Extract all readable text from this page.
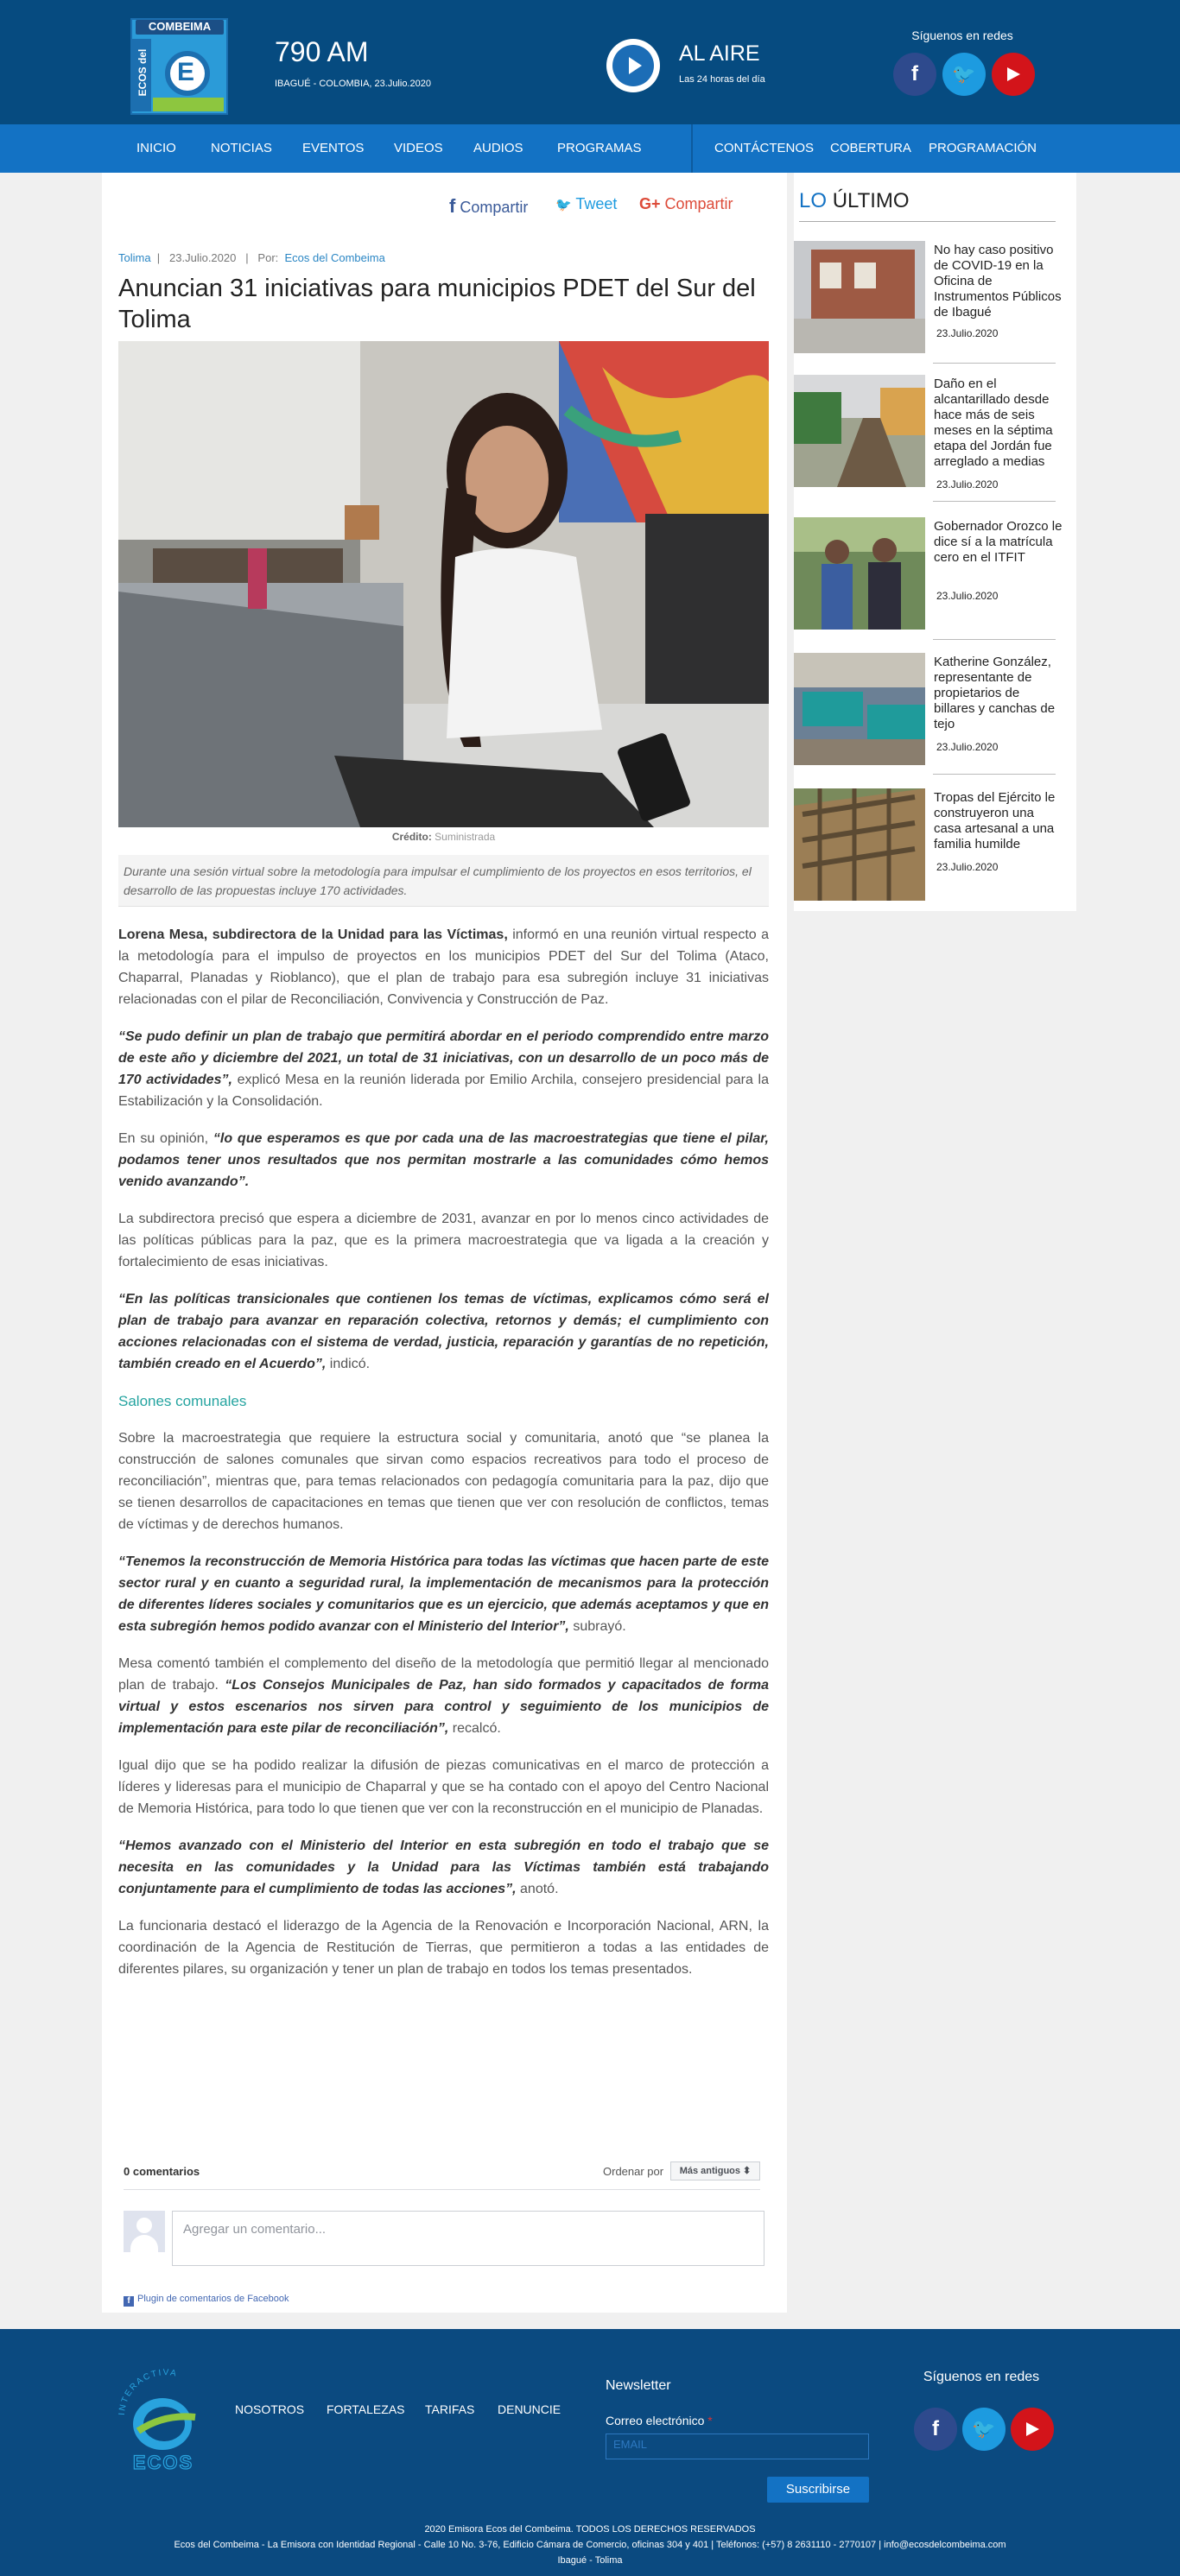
COMBEIMA
ECOS del
E	790 AM
IBAGUÉ - COLOMBIA, 23.Julio.2020
AL AIRE
Las 24 horas del día
Síguenos en redes
f	🐦
INICIO	NOTICIAS EVENTOS VIDEOS AUDIOS	PROGRAMAS	CONTÁCTENOS COBERTURA PROGRAMACIÓN
f Compartir 🐦 Tweet G+ Compartir
Tolima  |   23.Julio.2020   |   Por: Ecos del Combeima
Anuncian 31 iniciativas para municipios PDET del Sur del Tolima
Crédito: Suministrada
Durante una sesión virtual sobre la metodología para impulsar el cumplimiento de los proyectos en esos territorios, el desarrollo de las propuestas incluye 170 actividades.

Lorena Mesa, subdirectora de la Unidad para las Víctimas, informó en una reunión virtual respecto a la metodología para el impulso de proyectos en los municipios PDET del Sur del Tolima (Ataco, Chaparral, Planadas y Rioblanco), que el plan de trabajo para esa subregión incluye 31 iniciativas relacionadas con el pilar de Reconciliación, Convivencia y Construcción de Paz.

“Se pudo definir un plan de trabajo que permitirá abordar en el periodo comprendido entre marzo de este año y diciembre del 2021, un total de 31 iniciativas, con un desarrollo de un poco más de 170 actividades”, explicó Mesa en la reunión liderada por Emilio Archila, consejero presidencial para la Estabilización y la Consolidación.

En su opinión, “lo que esperamos es que por cada una de las macroestrategias que tiene el pilar, podamos tener unos resultados que nos permitan mostrarle a las comunidades cómo hemos venido avanzando”.

La subdirectora precisó que espera a diciembre de 2031, avanzar en por lo menos cinco actividades de las políticas públicas para la paz, que es la primera macroestrategia que va ligada a la creación y fortalecimiento de esas iniciativas.

“En las políticas transicionales que contienen los temas de víctimas, explicamos cómo será el plan de trabajo para avanzar en reparación colectiva, retornos y demás; el cumplimiento con acciones relacionadas con el sistema de verdad, justicia, reparación y garantías de no repetición, también creado en el Acuerdo”, indicó.

Salones comunales

Sobre la macroestrategia que requiere la estructura social y comunitaria, anotó que “se planea la construcción de salones comunales que sirvan como espacios recreativos para todo el proceso de reconciliación”, mientras que, para temas relacionados con pedagogía comunitaria para la paz, dijo que se tienen desarrollos de capacitaciones en temas que tienen que ver con resolución de conflictos, temas de víctimas y de derechos humanos.

“Tenemos la reconstrucción de Memoria Histórica para todas las víctimas que hacen parte de este sector rural y en cuanto a seguridad rural, la implementación de mecanismos para la protección de diferentes líderes sociales y comunitarios que es un ejercicio, que además aceptamos y que en esta subregión hemos podido avanzar con el Ministerio del Interior”, subrayó.

Mesa comentó también el complemento del diseño de la metodología que permitió llegar al mencionado plan de trabajo. “Los Consejos Municipales de Paz, han sido formados y capacitados de forma virtual y estos escenarios nos sirven para control y seguimiento de los municipios de implementación para este pilar de reconciliación”, recalcó.

Igual dijo que se ha podido realizar la difusión de piezas comunicativas en el marco de protección a líderes y lideresas para el municipio de Chaparral y que se ha contado con el apoyo del Centro Nacional de Memoria Histórica, para todo lo que tienen que ver con la reconstrucción en el municipio de Planadas.

“Hemos avanzado con el Ministerio del Interior en esta subregión en todo el trabajo que se necesita en las comunidades y la Unidad para las Víctimas también está trabajando conjuntamente para el cumplimiento de todas las acciones”, anotó.

La funcionaria destacó el liderazgo de la Agencia de la Renovación e Incorporación Nacional, ARN, la coordinación de la Agencia de Restitución de Tierras, que permitieron a todas a las entidades de diferentes pilares, su organización y tener un plan de trabajo en todos los temas presentados.

0 comentarios	Ordenar por	Más antiguos ⬍
Agregar un comentario...
f Plugin de comentarios de Facebook
LO ÚLTIMO
No hay caso positivo de COVID-19 en la Oficina de Instrumentos Públicos de Ibagué
23.Julio.2020
Daño en el alcantarillado desde hace más de seis meses en la séptima etapa del Jordán fue arreglado a medias
23.Julio.2020
Gobernador Orozco le dice sí a la matrícula cero en el ITFIT
23.Julio.2020
Katherine González, representante de propietarios de billares y canchas de tejo
23.Julio.2020
Tropas del Ejército le construyeron una casa artesanal a una familia humilde
23.Julio.2020
INTERACTIVA
ECOS
NOSOTROS FORTALEZAS TARIFAS DENUNCIE
Newsletter
Correo electrónico *
EMAIL
Suscribirse
Síguenos en redes
f	🐦
2020 Emisora Ecos del Combeima. TODOS LOS DERECHOS RESERVADOS
Ecos del Combeima - La Emisora con Identidad Regional - Calle 10 No. 3-76, Edificio Cámara de Comercio, oficinas 304 y 401 | Teléfonos: (+57) 8 2631110 - 2770107 | info@ecosdelcombeima.com
Ibagué - Tolima
